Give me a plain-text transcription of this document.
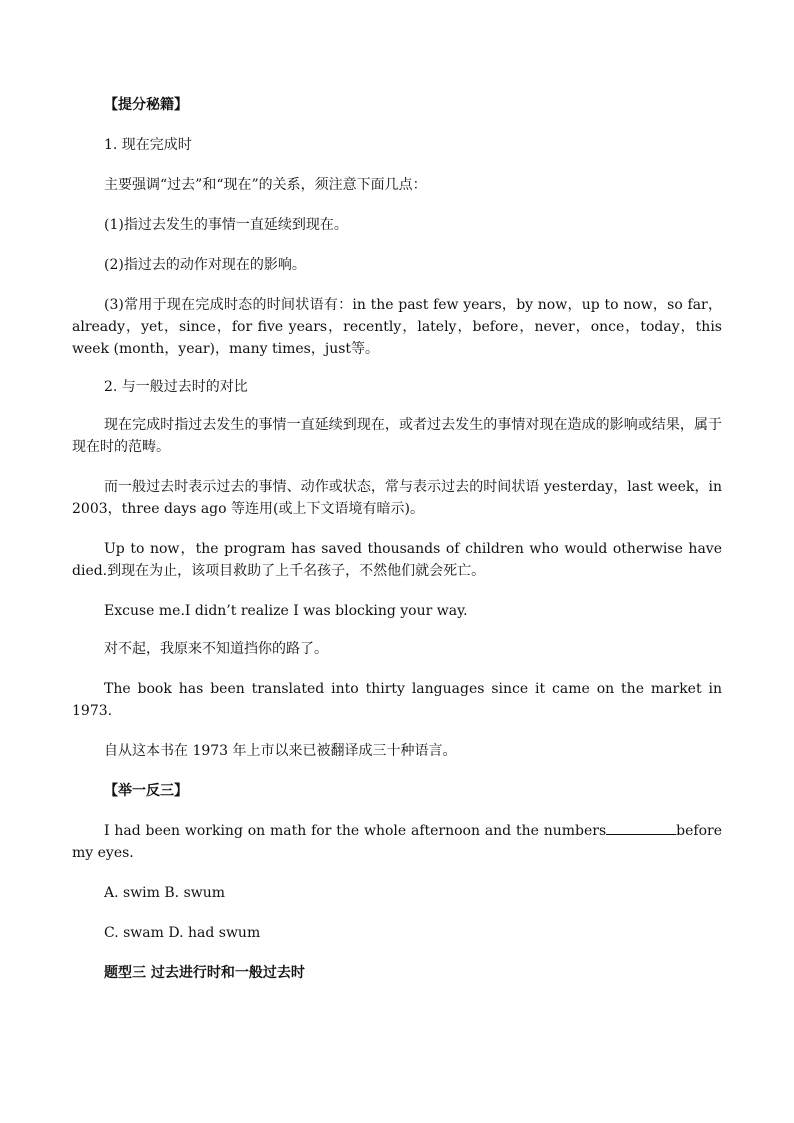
【提分秘籍】
1. 现在完成时
主要强调“过去”和“现在”的关系，须注意下面几点：
(1)指过去发生的事情一直延续到现在。
(2)指过去的动作对现在的影响。
(3)常用于现在完成时态的时间状语有：in the past few years，by now，up to now，so far，already，yet，since，for five years，recently，lately，before，never，once，today，this week (month，year)，many times，just等。
2. 与一般过去时的对比
现在完成时指过去发生的事情一直延续到现在，或者过去发生的事情对现在造成的影响或结果，属于现在时的范畴。
而一般过去时表示过去的事情、动作或状态，常与表示过去的时间状语 yesterday，last week，in 2003，three days ago 等连用(或上下文语境有暗示)。
Up to now，the program has saved thousands of children who would otherwise have died.到现在为止，该项目救助了上千名孩子，不然他们就会死亡。
Excuse me.I didn’t realize I was blocking your way.
对不起，我原来不知道挡你的路了。
The book has been translated into thirty languages since it came on the market in 1973.
自从这本书在 1973 年上市以来已被翻译成三十种语言。
【举一反三】
I had been working on math for the whole afternoon and the numbers	before my eyes.
A. swim B. swum
C. swam D. had swum
题型三 过去进行时和一般过去时
